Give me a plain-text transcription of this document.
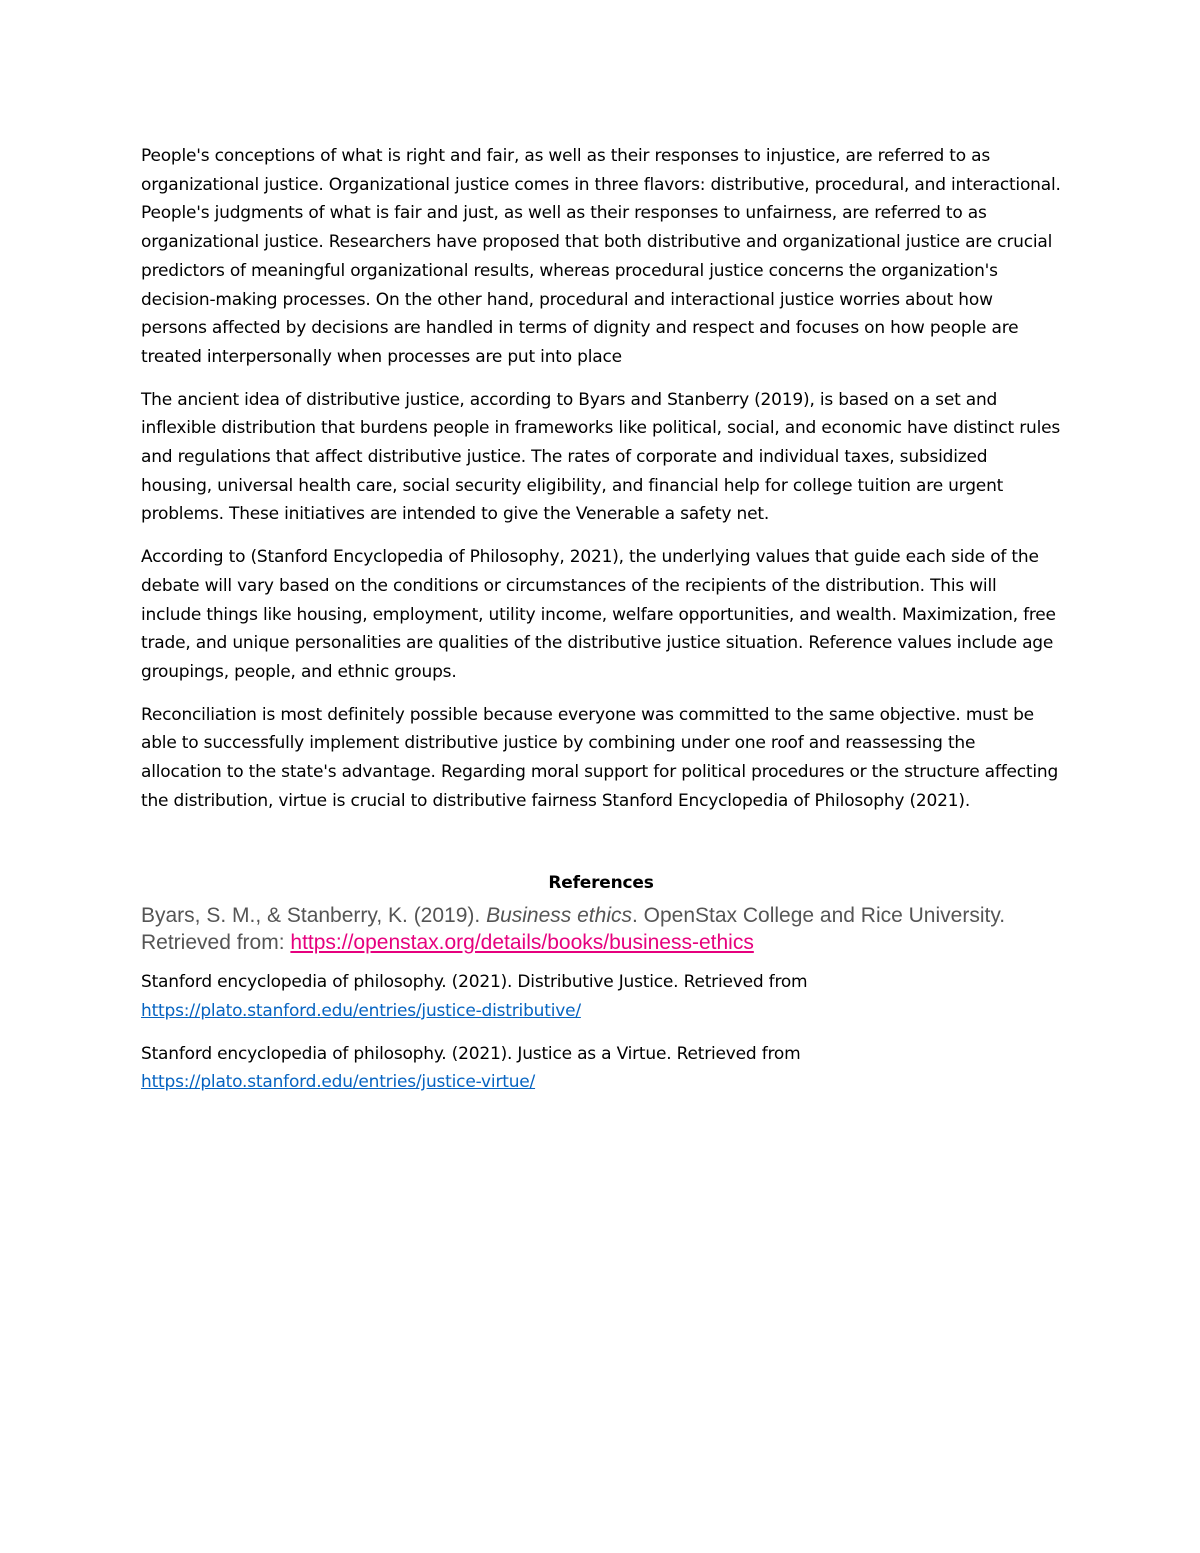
People's conceptions of what is right and fair, as well as their responses to injustice, are referred to as organizational justice. Organizational justice comes in three flavors: distributive, procedural, and interactional. People's judgments of what is fair and just, as well as their responses to unfairness, are referred to as organizational justice. Researchers have proposed that both distributive and organizational justice are crucial predictors of meaningful organizational results, whereas procedural justice concerns the organization's decision-making processes. On the other hand, procedural and interactional justice worries about how persons affected by decisions are handled in terms of dignity and respect and focuses on how people are treated interpersonally when processes are put into place

The ancient idea of distributive justice, according to Byars and Stanberry (2019), is based on a set and inflexible distribution that burdens people in frameworks like political, social, and economic have distinct rules and regulations that affect distributive justice. The rates of corporate and individual taxes, subsidized housing, universal health care, social security eligibility, and financial help for college tuition are urgent problems. These initiatives are intended to give the Venerable a safety net.

According to (Stanford Encyclopedia of Philosophy, 2021), the underlying values that guide each side of the debate will vary based on the conditions or circumstances of the recipients of the distribution. This will include things like housing, employment, utility income, welfare opportunities, and wealth. Maximization, free trade, and unique personalities are qualities of the distributive justice situation. Reference values include age groupings, people, and ethnic groups.

Reconciliation is most definitely possible because everyone was committed to the same objective. must be able to successfully implement distributive justice by combining under one roof and reassessing the allocation to the state's advantage. Regarding moral support for political procedures or the structure affecting the distribution, virtue is crucial to distributive fairness Stanford Encyclopedia of Philosophy (2021).

References

Byars, S. M., & Stanberry, K. (2019). Business ethics. OpenStax College and Rice University. Retrieved from: https://openstax.org/details/books/business-ethics

Stanford encyclopedia of philosophy. (2021). Distributive Justice. Retrieved from
https://plato.stanford.edu/entries/justice-distributive/

Stanford encyclopedia of philosophy. (2021). Justice as a Virtue. Retrieved from
https://plato.stanford.edu/entries/justice-virtue/
